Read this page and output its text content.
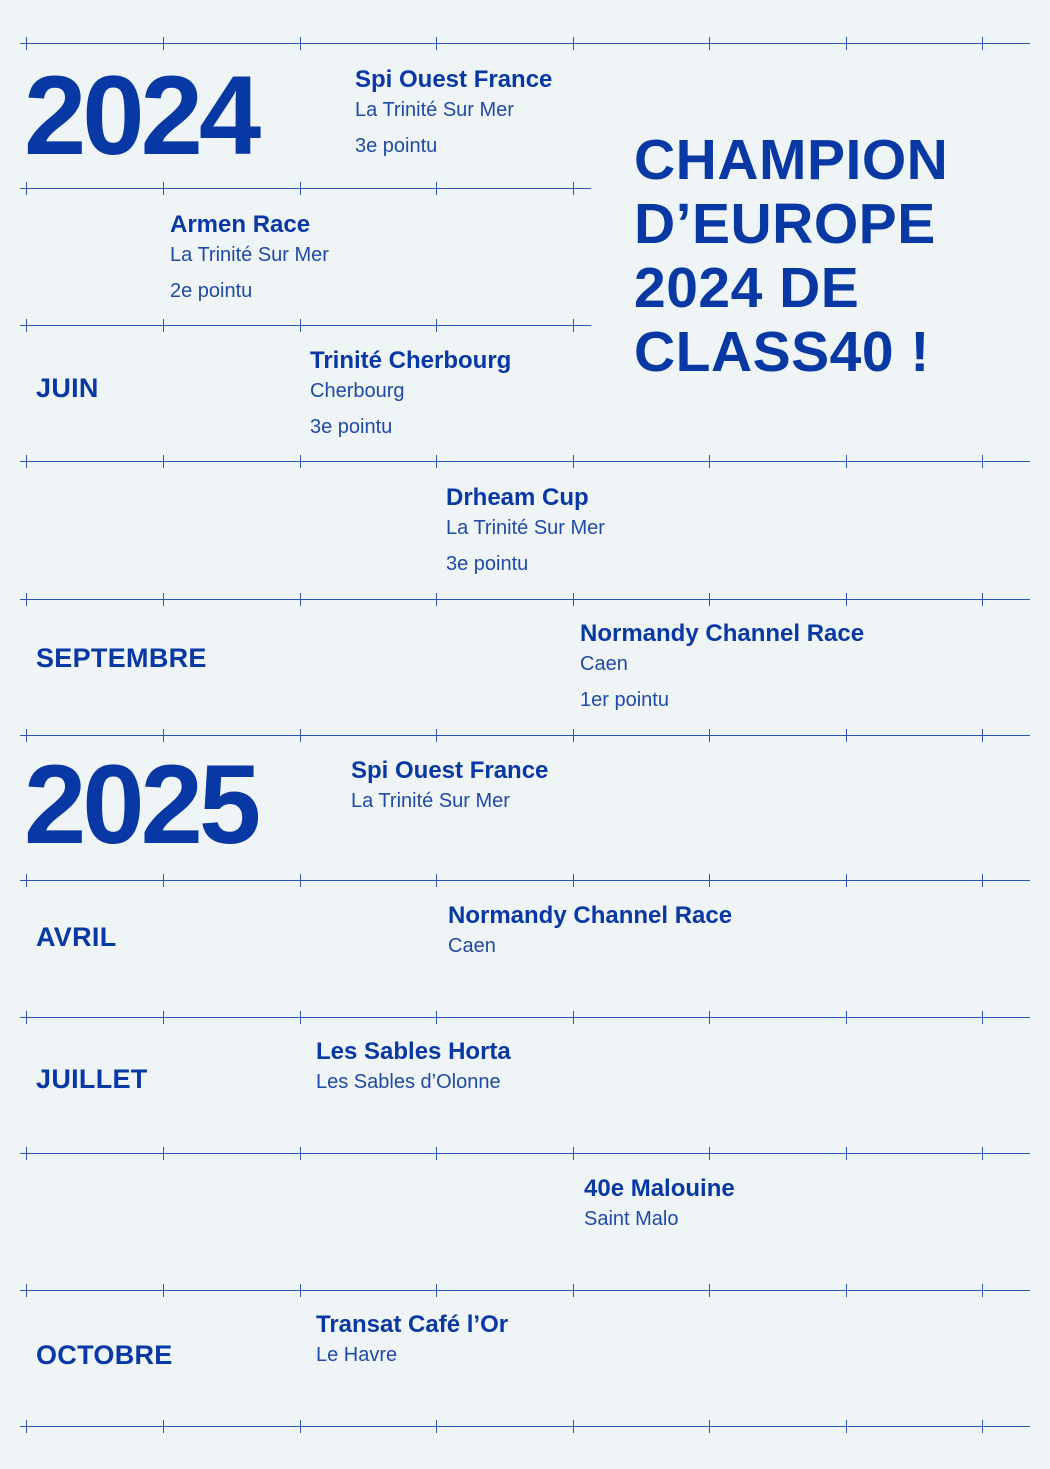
2024
2025
CHAMPION
D’EUROPE
2024 DE
CLASS40 !
JUIN
SEPTEMBRE
AVRIL
JUILLET
OCTOBRE
Spi Ouest France
La Trinité Sur Mer
3e pointu
Armen Race
La Trinité Sur Mer
2e pointu
Trinité Cherbourg
Cherbourg
3e pointu
Drheam Cup
La Trinité Sur Mer
3e pointu
Normandy Channel Race
Caen
1er pointu
Spi Ouest France
La Trinité Sur Mer
Normandy Channel Race
Caen
Les Sables Horta
Les Sables d’Olonne
40e Malouine
Saint Malo
Transat Café l’Or
Le Havre
